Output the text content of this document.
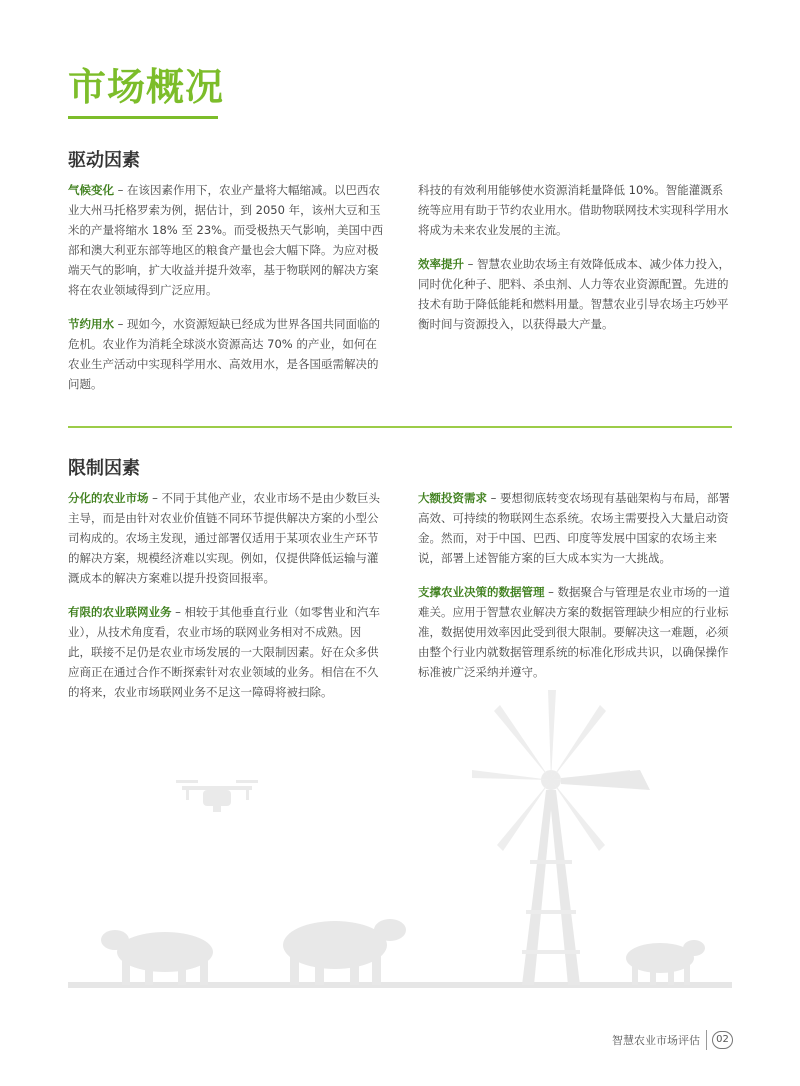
市场概况
驱动因素

气候变化 – 在该因素作用下，农业产量将大幅缩减。以巴西农业大州马托格罗索为例，据估计，到 2050 年，该州大豆和玉米的产量将缩水 18% 至 23%。而受极热天气影响，美国中西部和澳大利亚东部等地区的粮食产量也会大幅下降。为应对极端天气的影响，扩大收益并提升效率，基于物联网的解决方案将在农业领域得到广泛应用。

节约用水 – 现如今，水资源短缺已经成为世界各国共同面临的危机。农业作为消耗全球淡水资源高达 70% 的产业，如何在农业生产活动中实现科学用水、高效用水，是各国亟需解决的问题。

科技的有效利用能够使水资源消耗量降低 10%。智能灌溉系统等应用有助于节约农业用水。借助物联网技术实现科学用水将成为未来农业发展的主流。

效率提升 – 智慧农业助农场主有效降低成本、减少体力投入，同时优化种子、肥料、杀虫剂、人力等农业资源配置。先进的技术有助于降低能耗和燃料用量。智慧农业引导农场主巧妙平衡时间与资源投入，以获得最大产量。

限制因素

分化的农业市场 – 不同于其他产业，农业市场不是由少数巨头主导，而是由针对农业价值链不同环节提供解决方案的小型公司构成的。农场主发现，通过部署仅适用于某项农业生产环节的解决方案，规模经济难以实现。例如，仅提供降低运输与灌溉成本的解决方案难以提升投资回报率。

有限的农业联网业务 – 相较于其他垂直行业（如零售业和汽车业），从技术角度看，农业市场的联网业务相对不成熟。因此，联接不足仍是农业市场发展的一大限制因素。好在众多供应商正在通过合作不断探索针对农业领域的业务。相信在不久的将来，农业市场联网业务不足这一障碍将被扫除。

大额投资需求 – 要想彻底转变农场现有基础架构与布局，部署高效、可持续的物联网生态系统。农场主需要投入大量启动资金。然而，对于中国、巴西、印度等发展中国家的农场主来说，部署上述智能方案的巨大成本实为一大挑战。

支撑农业决策的数据管理 – 数据聚合与管理是农业市场的一道难关。应用于智慧农业解决方案的数据管理缺少相应的行业标准，数据使用效率因此受到很大限制。要解决这一难题，必须由整个行业内就数据管理系统的标准化形成共识，以确保操作标准被广泛采纳并遵守。

智慧农业市场评估	02
